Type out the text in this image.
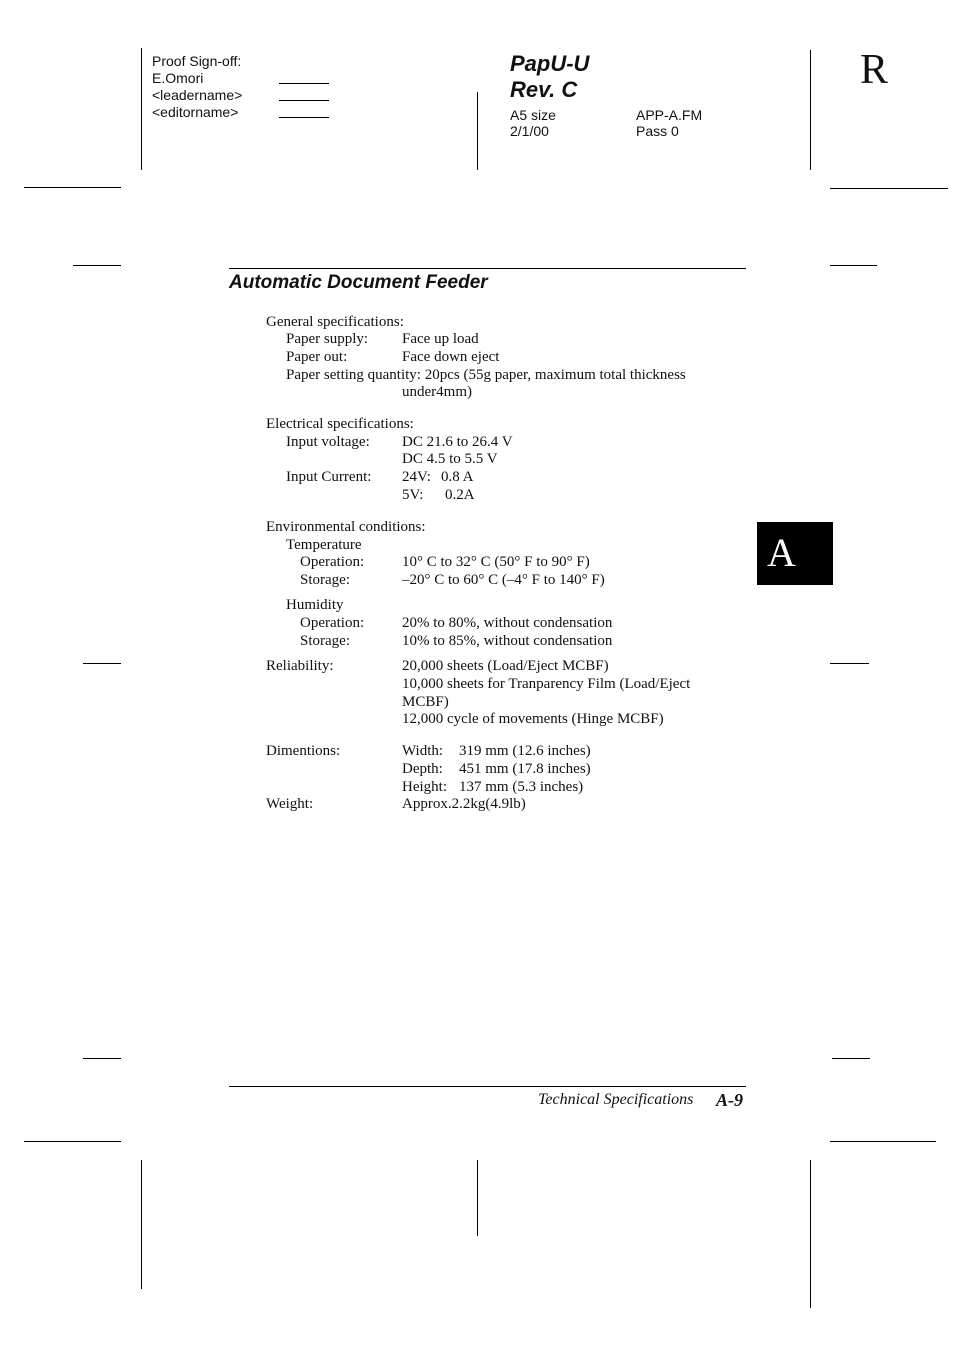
Proof Sign-off:
E.Omori
<leadername>
<editorname>
PapU-U
Rev. C
A5 size	APP-A.FM
2/1/00	Pass 0
R
Automatic Document Feeder
General specifications:
Paper supply: Face up load
Paper out:	Face down eject
Paper setting quantity: 20pcs (55g paper, maximum total thickness
under4mm)
Electrical specifications:
Input voltage: DC 21.6 to 26.4 V
DC 4.5 to 5.5 V
Input Current: 24V: 0.8 A
5V: 0.2A
Environmental conditions:
Temperature
Operation:	10° C to 32° C (50° F to 90° F)
Storage:	–20° C to 60° C (–4° F to 140° F)
Humidity
Operation:	20% to 80%, without condensation
Storage:	10% to 85%, without condensation
Reliability:	20,000 sheets (Load/Eject MCBF)
10,000 sheets for Tranparency Film (Load/Eject
MCBF)
12,000 cycle of movements (Hinge MCBF)
Dimentions:	Width: 319 mm (12.6 inches)
Depth: 451 mm (17.8 inches)
Height: 137 mm (5.3 inches)
Weight:	Approx.2.2kg(4.9lb)
A
Technical Specifications A-9
